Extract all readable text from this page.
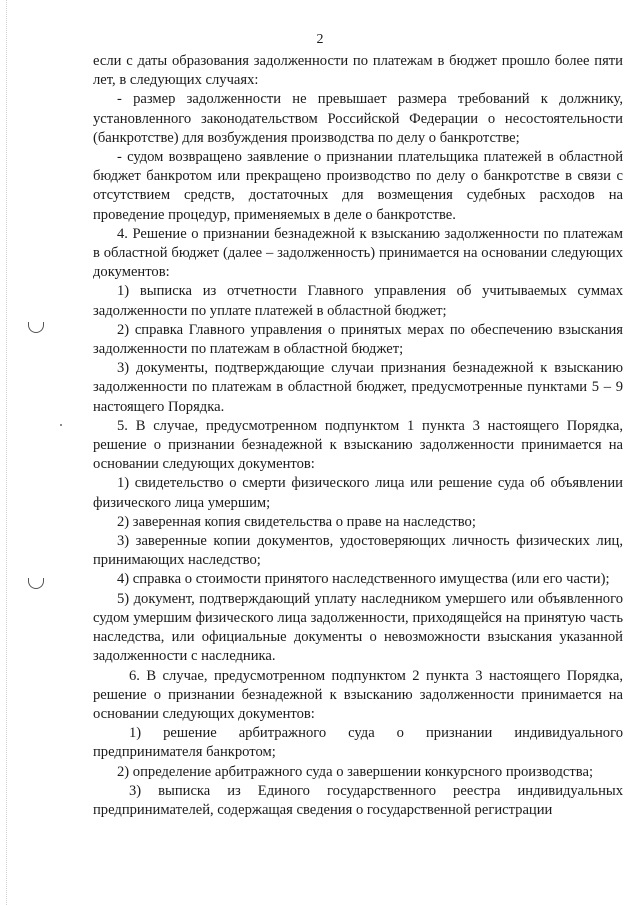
2

если с даты образования задолженности по платежам в бюджет прошло более пяти лет, в следующих случаях:

- размер задолженности не превышает размера требований к должнику, установленного законодательством Российской Федерации о несостоятельности (банкротстве) для возбуждения производства по делу о банкротстве;

- судом возвращено заявление о признании плательщика платежей в областной бюджет банкротом или прекращено производство по делу о банкротстве в связи с отсутствием средств, достаточных для возмещения судебных расходов на проведение процедур, применяемых в деле о банкротстве.

4. Решение о признании безнадежной к взысканию задолженности по платежам в областной бюджет (далее – задолженность) принимается на основании следующих документов:

1) выписка из отчетности Главного управления об учитываемых суммах задолженности по уплате платежей в областной бюджет;

2) справка Главного управления о принятых мерах по обеспечению взыскания задолженности по платежам в областной бюджет;

3) документы, подтверждающие случаи признания безнадежной к взысканию задолженности по платежам в областной бюджет, предусмотренные пунктами 5 – 9 настоящего Порядка.

5. В случае, предусмотренном подпунктом 1 пункта 3 настоящего Порядка, решение о признании безнадежной к взысканию задолженности принимается на основании следующих документов:

1) свидетельство о смерти физического лица или решение суда об объявлении физического лица умершим;

2) заверенная копия свидетельства о праве на наследство;

3) заверенные копии документов, удостоверяющих личность физических лиц, принимающих наследство;

4) справка о стоимости принятого наследственного имущества (или его части);

5) документ, подтверждающий уплату наследником умершего или объявленного судом умершим физического лица задолженности, приходящейся на принятую часть наследства, или официальные документы о невозможности взыскания указанной задолженности с наследника.

6. В случае, предусмотренном подпунктом 2 пункта 3 настоящего Порядка, решение о признании безнадежной к взысканию задолженности принимается на основании следующих документов:

1) решение арбитражного суда о признании индивидуального предпринимателя банкротом;

2) определение арбитражного суда о завершении конкурсного производства;

3) выписка из Единого государственного реестра индивидуальных предпринимателей, содержащая сведения о государственной регистрации
